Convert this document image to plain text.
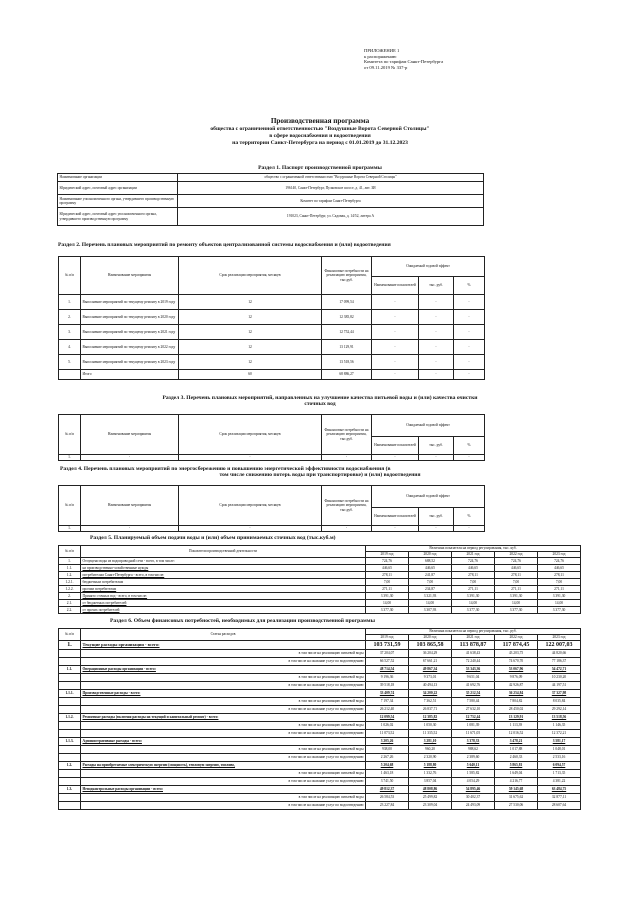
ПРИЛОЖЕНИЕ 1
к распоряжению
Комитета по тарифам Санкт-Петербурга
от 09.11.2019 № 337-р
Производственная программа
общества с ограниченной ответственностью "Воздушные Ворота Северной Столицы"
в сфере водоснабжения и водоотведения
на территории Санкт-Петербурга на период с 01.01.2019 до 31.12.2023
Раздел 1. Паспорт производственной программы
Наименование организации	общество с ограниченной ответственностью "Воздушные Ворота Северной Столицы"
Юридический адрес, почтовый адрес организации	196140, Санкт-Петербург, Пулковское шоссе, д. 41, лит. ЗИ
Наименование уполномоченного органа, утвердившего производственную программу	Комитет по тарифам Санкт-Петербурга
Юридический адрес, почтовый адрес уполномоченного органа, утвердившего производственную программу	191023, Санкт-Петербург, ул. Садовая, д. 14/52, литера А
Раздел 2. Перечень плановых мероприятий по ремонту объектов централизованной системы водоснабжения и (или) водоотведения
№ п/п	Наименование мероприятия	Срок реализации мероприятия, месяцев	Финансовые потребности на реализацию мероприятия, тыс.руб.	Ожидаемый годовой эффект		
				Наименование показателей	тыс. руб.	%
1.	Выполнение мероприятий по текущему ремонту в 2019 году	12	17 099,54	-	-	-
2.	Выполнение мероприятий по текущему ремонту в 2020 году	12	12 385,82	-	-	-
3.	Выполнение мероприятий по текущему ремонту в 2021 году	12	12 752,44	-	-	-
4.	Выполнение мероприятий по текущему ремонту в 2022 году	12	13 129,91	-	-	-
5.	Выполнение мероприятий по текущему ремонту в 2023 году	12	13 518,56	-	-	-
	Итого	60	68 886,27	-	-	-
Раздел 3. Перечень плановых мероприятий, направленных на улучшение качества питьевой воды и (или) качества очистки
сточных вод
№ п/п	Наименование мероприятия	Срок реализации мероприятия, месяцев	Финансовые потребности на реализацию мероприятия, тыс.руб.	Ожидаемый годовой эффект		
				Наименование показателей	тыс. руб.	%
1.	-	-	-	-	-	-
Раздел 4. Перечень плановых мероприятий по энергосбережению и повышению энергетической эффективности водоснабжения (в
том числе снижению потерь воды при транспортировке) и (или) водоотведения
№ п/п	Наименование мероприятия	Срок реализации мероприятия, месяцев	Финансовые потребности на реализацию мероприятия, тыс.руб.	Ожидаемый годовой эффект		
				Наименование показателей	тыс. руб.	%
1.	-	-	-	-	-	-
Раздел 5. Планируемый объем подачи воды и (или) объем принимаемых сточных вод (тыс.куб.м)
№ п/п	Показатели производственной деятельности	Величина показателя на период регулирования, тыс. куб.				
		2019 год	2020 год	2021 год	2022 год	2023 год
1.	Отпущено воды из водопроводной сети - всего, в том числе:	724,76	688,52	724,76	724,76	724,76
1.1.	на производственно-хозяйственные нужды	446,65	446,65	446,65	446,65	446,65
1.2.	потребителям Санкт-Петербурга - всего, в том числе:	278,11	241,87	278,11	278,11	278,11
1.2.1.	бюджетным потребителям	7,00	7,00	7,00	7,00	7,00
1.2.2.	прочим потребителям	271,11	234,87	271,11	271,11	271,11
2.	Принято сточных вод - всего, в том числе:	3 391,30	3 321,93	3 391,30	3 391,30	3 391,30
2.1.	от бюджетных потребителей	14,00	14,00	14,00	14,00	14,00
2.2.	от прочих потребителей	3 377,30	3 307,93	3 377,30	3 377,30	3 377,30
Раздел 6. Объем финансовых потребностей, необходимых для реализации производственной программы
№ п/п	Статья расходов	Величина показателя на период регулирования, тыс. руб.				
		2019 год	2020 год	2021 год	2022 год	2023 год
1.	Текущие расходы организации - всего:	103 731,59	103 865,58	113 878,87	117 874,45	122 007,03
	в том числе на реализацию питьевой воды	37 204,07	36 204,29	41 638,43	43 203,75	44 820,66
	в том числе на оказание услуг по водоотведению	66 527,52	67 661,21	72 240,44	74 670,70	77 186,37
1.1.	Операционные расходы организации - всего:	48 714,54	49 867,34	53 343,36	53 067,96	54 472,71
	в том числе на реализацию питьевой воды	9 196,36	9 373,01	9 651,04	9 876,09	10 230,20
	в том числе на оказание услуг по водоотведению	39 518,18	40 494,13	41 692,76	42 926,87	44 197,51
1.1.1.	Производственные расходы - всего:	33 409,74	34 200,22	35 212,54	36 254,84	37 327,98
	в том числе на реализацию питьевой воды	7 197,34	7 362,51	7 580,44	7 804,82	8 035,84
	в том числе на оказание услуг по водоотведению	26 212,40	26 837,71	27 632,10	28 450,02	29 292,14
1.1.2.	Ремонтные расходы (включая расходы на текущий и капитальный ремонт) - всего:	12 099,54	12 385,82	12 752,44	13 129,91	13 518,56
	в том числе на реализацию питьевой воды	1 026,02	1 050,30	1 081,39	1 113,39	1 146,35
	в том числе на оказание услуг по водоотведению	11 073,52	11 335,52	11 671,05	12 016,52	12 372,21
1.1.3.	Административные расходы - всего:	3 205,26	3 281,10	3 378,33	3 478,21	3 581,17
	в том числе на реализацию питьевой воды	938,00	960,20	988,62	1 017,88	1 048,01
	в том числе на оказание услуг по водоотведению	2 267,26	2 320,90	2 389,60	2 460,33	2 533,16
1.2.	Расходы на приобретаемые электрическую энергию (мощность), тепловую энергию, топливо,	5 204,68	5 188,80	5 640,11	5 865,81	6 094,57
	в том числе на реализацию питьевой воды	1 463,18	1 332,76	1 585,82	1 649,04	1 713,35
	в том числе на оказание услуг по водоотведению	3 741,50	3 857,04	4 054,29	4 216,77	4 381,22
1.3.	Неподконтрольные расходы организации - всего:	49 812,37	48 808,86	54 895,46	59 145,68	63 484,75
	в том числе на реализацию питьевой воды	26 584,53	25 499,82	30 402,37	31 675,62	32 877,11
	в том числе на оказание услуг по водоотведению	23 227,84	23 309,04	24 493,09	27 530,06	28 607,64
